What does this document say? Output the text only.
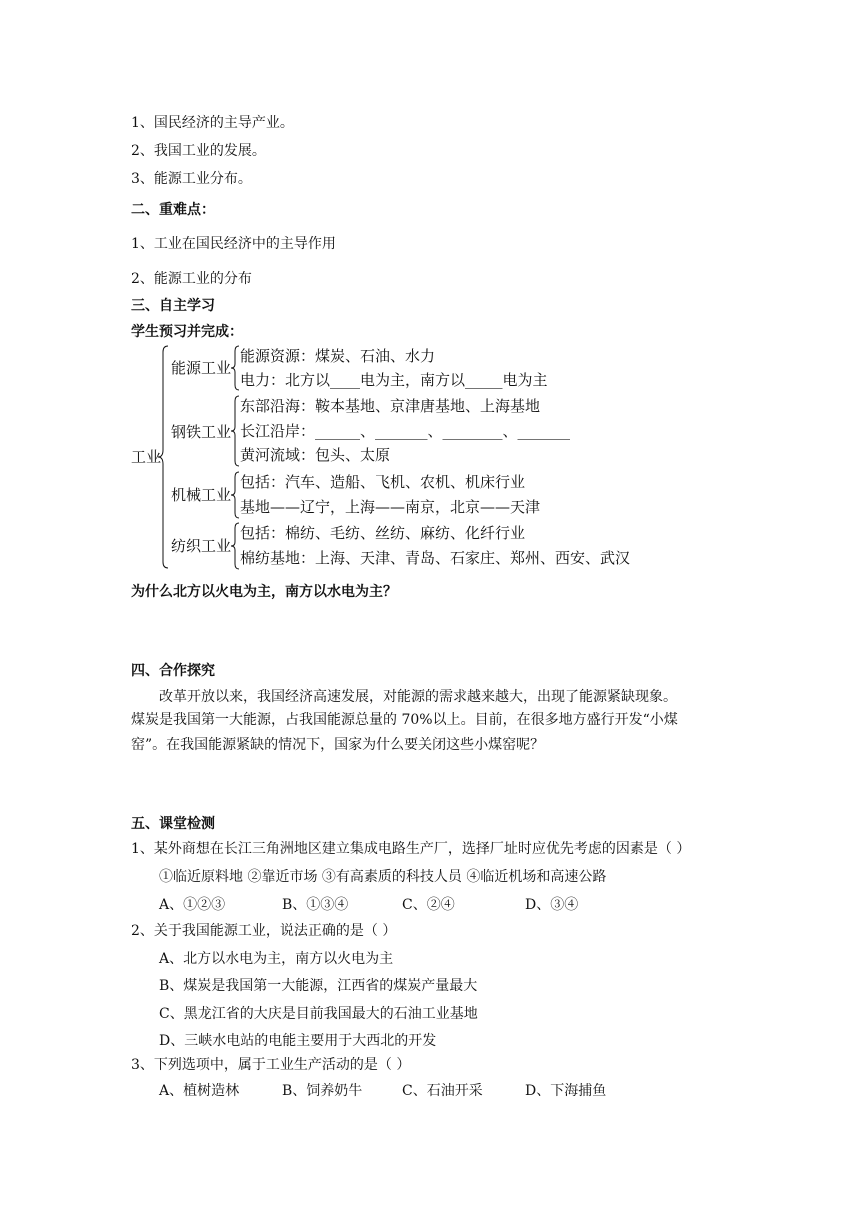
1、国民经济的主导产业。
2、我国工业的发展。
3、能源工业分布。
二、重难点：
1、工业在国民经济中的主导作用
2、能源工业的分布
三、自主学习
学生预习并完成：
工业
能源工业
能源资源：煤炭、石油、水力
电力：北方以____电为主，南方以_____电为主
钢铁工业
东部沿海：鞍本基地、京津唐基地、上海基地
长江沿岸：______、_______、________、_______
黄河流域：包头、太原
机械工业
包括：汽车、造船、飞机、农机、机床行业
基地——辽宁，上海——南京，北京——天津
纺织工业
包括：棉纺、毛纺、丝纺、麻纺、化纤行业
棉纺基地：上海、天津、青岛、石家庄、郑州、西安、武汉
为什么北方以火电为主，南方以水电为主？
四、合作探究
改革开放以来，我国经济高速发展，对能源的需求越来越大，出现了能源紧缺现象。
煤炭是我国第一大能源，占我国能源总量的 70%以上。目前，在很多地方盛行开发“小煤
窑”。在我国能源紧缺的情况下，国家为什么要关闭这些小煤窑呢？
五、课堂检测
1、某外商想在长江三角洲地区建立集成电路生产厂，选择厂址时应优先考虑的因素是（ ）
①临近原料地 ②靠近市场 ③有高素质的科技人员 ④临近机场和高速公路
A、①②③	B、①③④	C、②④	D、③④
2、关于我国能源工业，说法正确的是（ ）
A、北方以水电为主，南方以火电为主
B、煤炭是我国第一大能源，江西省的煤炭产量最大
C、黑龙江省的大庆是目前我国最大的石油工业基地
D、三峡水电站的电能主要用于大西北的开发
3、下列选项中，属于工业生产活动的是（ ）
A、植树造林	B、饲养奶牛	C、石油开采	D、下海捕鱼
